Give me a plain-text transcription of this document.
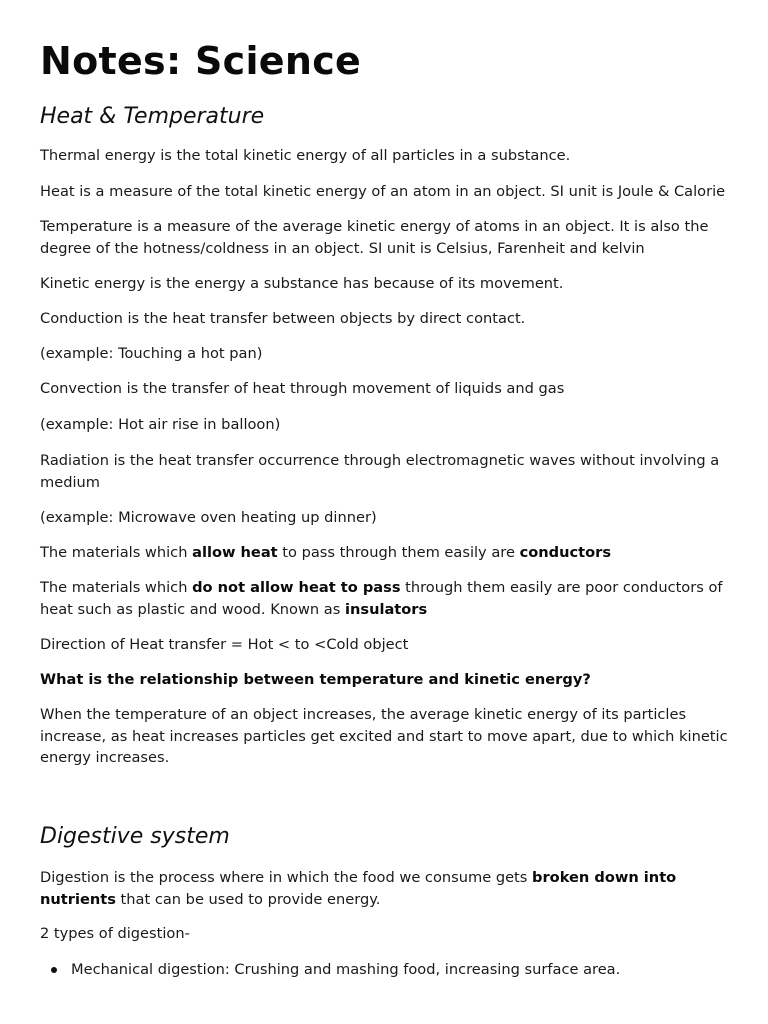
Notes: Science
Heat & Temperature

Thermal energy is the total kinetic energy of all particles in a substance.

Heat is a measure of the total kinetic energy of an atom in an object. SI unit is Joule & Calorie

Temperature is a measure of the average kinetic energy of atoms in an object. It is also the degree of the hotness/coldness in an object. SI unit is Celsius, Farenheit and kelvin

Kinetic energy is the energy a substance has because of its movement.

Conduction is the heat transfer between objects by direct contact.

(example: Touching a hot pan)

Convection is the transfer of heat through movement of liquids and gas

(example: Hot air rise in balloon)

Radiation is the heat transfer occurrence through electromagnetic waves without involving a medium

(example: Microwave oven heating up dinner)

The materials which allow heat to pass through them easily are conductors

The materials which do not allow heat to pass through them easily are poor conductors of heat such as plastic and wood. Known as insulators

Direction of Heat transfer = Hot < to <Cold object

What is the relationship between temperature and kinetic energy?

When the temperature of an object increases, the average kinetic energy of its particles increase, as heat increases particles get excited and start to move apart, due to which kinetic energy increases.

Digestive system

Digestion is the process where in which the food we consume gets broken down into nutrients that can be used to provide energy.

2 types of digestion-

Mechanical digestion: Crushing and mashing food, increasing surface area.
